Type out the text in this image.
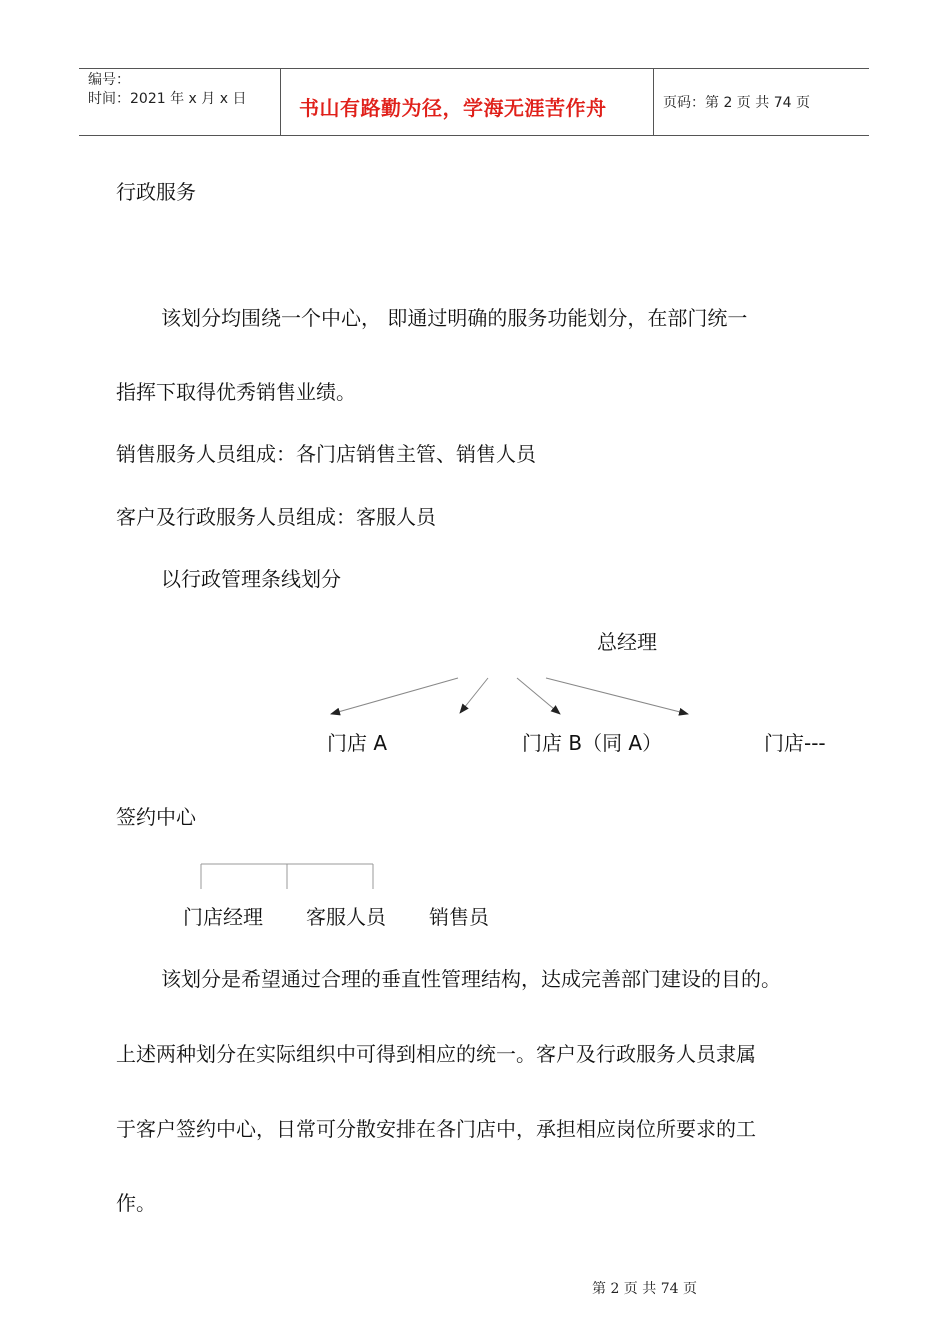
编号：
时间：2021 年 x 月 x 日	书山有路勤为径，学海无涯苦作舟	页码：第 2 页 共 74 页
行政服务
该划分均围绕一个中心， 即通过明确的服务功能划分，在部门统一
指挥下取得优秀销售业绩。
销售服务人员组成：各门店销售主管、销售人员
客户及行政服务人员组成：客服人员
以行政管理条线划分
总经理
门店 A	门店 B（同 A）	门店---
签约中心
门店经理 客服人员 销售员
该划分是希望通过合理的垂直性管理结构，达成完善部门建设的目的。
上述两种划分在实际组织中可得到相应的统一。客户及行政服务人员隶属
于客户签约中心，日常可分散安排在各门店中，承担相应岗位所要求的工
作。
第 2 页 共 74 页
